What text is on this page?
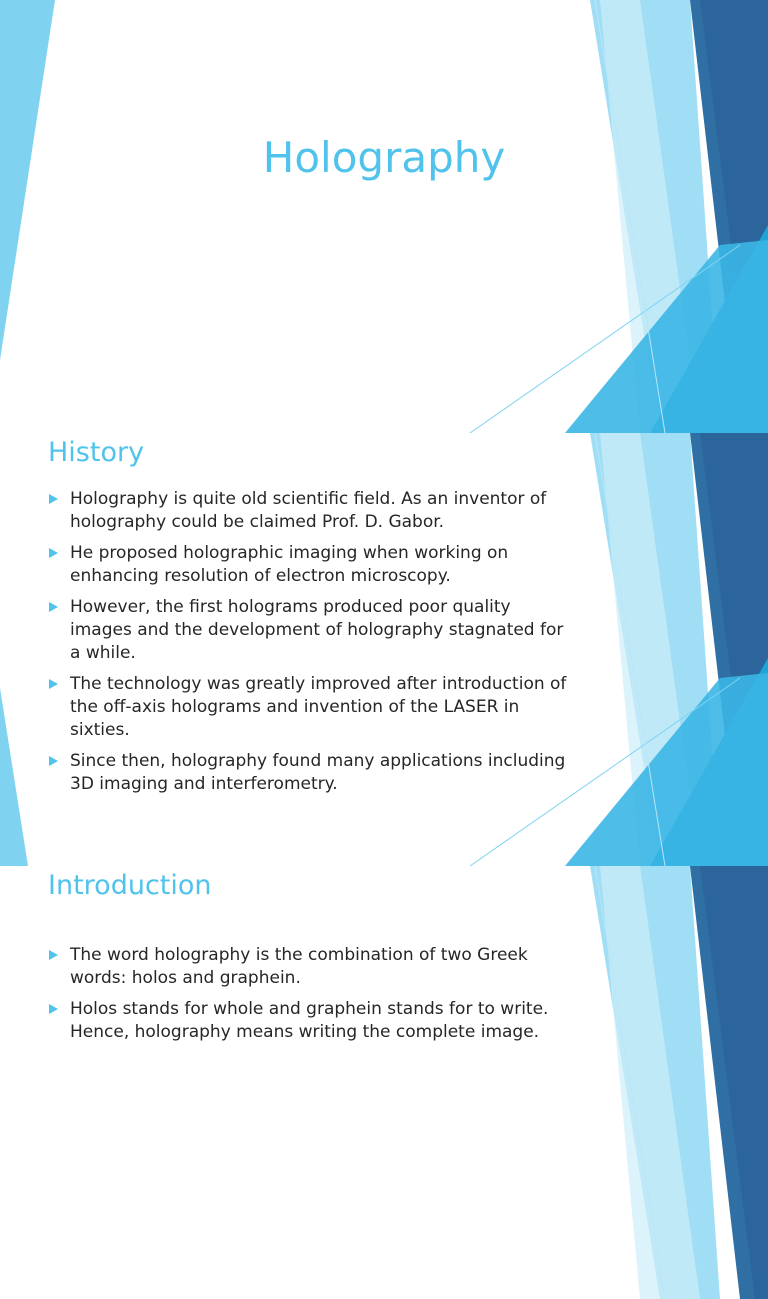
Holography
History
Holography is quite old scientific field. As an inventor of holography could be claimed Prof. D. Gabor.
He proposed holographic imaging when working on enhancing resolution of electron microscopy.
However, the first holograms produced poor quality images and the development of holography stagnated for a while.
The technology was greatly improved after introduction of the off-axis holograms and invention of the LASER in sixties.
Since then, holography found many applications including 3D imaging and interferometry.
Introduction
The word holography is the combination of two Greek words: holos and graphein.
Holos stands for whole and graphein stands for to write. Hence, holography means writing the complete image.
